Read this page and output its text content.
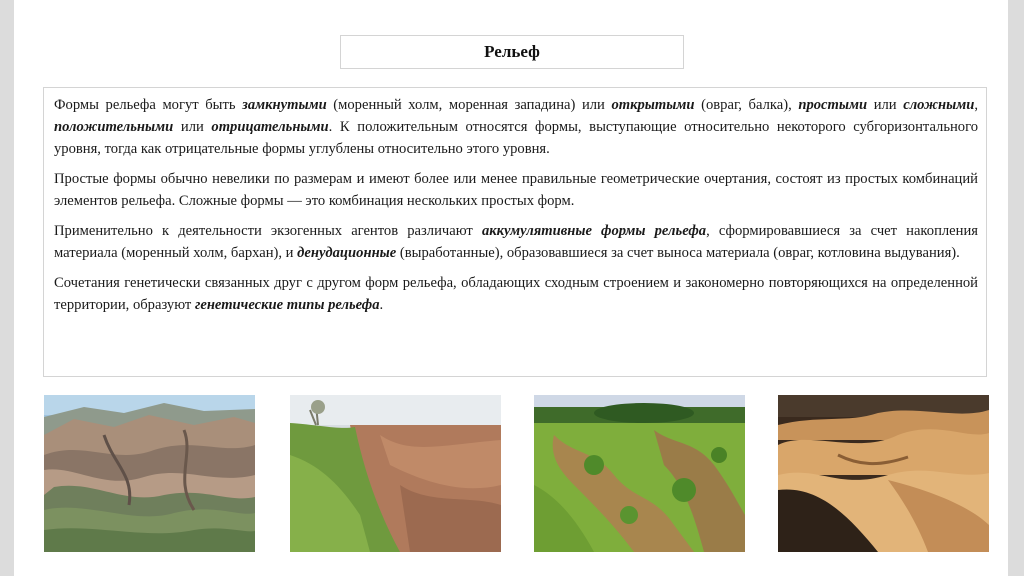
Рельеф

Формы рельефа могут быть замкнутыми (моренный холм, моренная западина) или открытыми (овраг, балка), простыми или сложными, положительными или отрицательными. К положительным относятся формы, выступающие относительно некоторого субгоризонтального уровня, тогда как отрицательные формы углублены относительно этого уровня.

Простые формы обычно невелики по размерам и имеют более или менее правильные геометрические очертания, состоят из простых комбинаций элементов рельефа. Сложные формы — это комбинация нескольких простых форм.

Применительно к деятельности экзогенных агентов различают аккумулятивные формы рельефа, сформировавшиеся за счет накопления материала (моренный холм, бархан), и денудационные (выработанные), образовавшиеся за счет выноса материала (овраг, котловина выдувания).

Сочетания генетически связанных друг с другом форм рельефа, обладающих сходным строением и закономерно повторяющихся на определенной территории, образуют генетические типы рельефа.
